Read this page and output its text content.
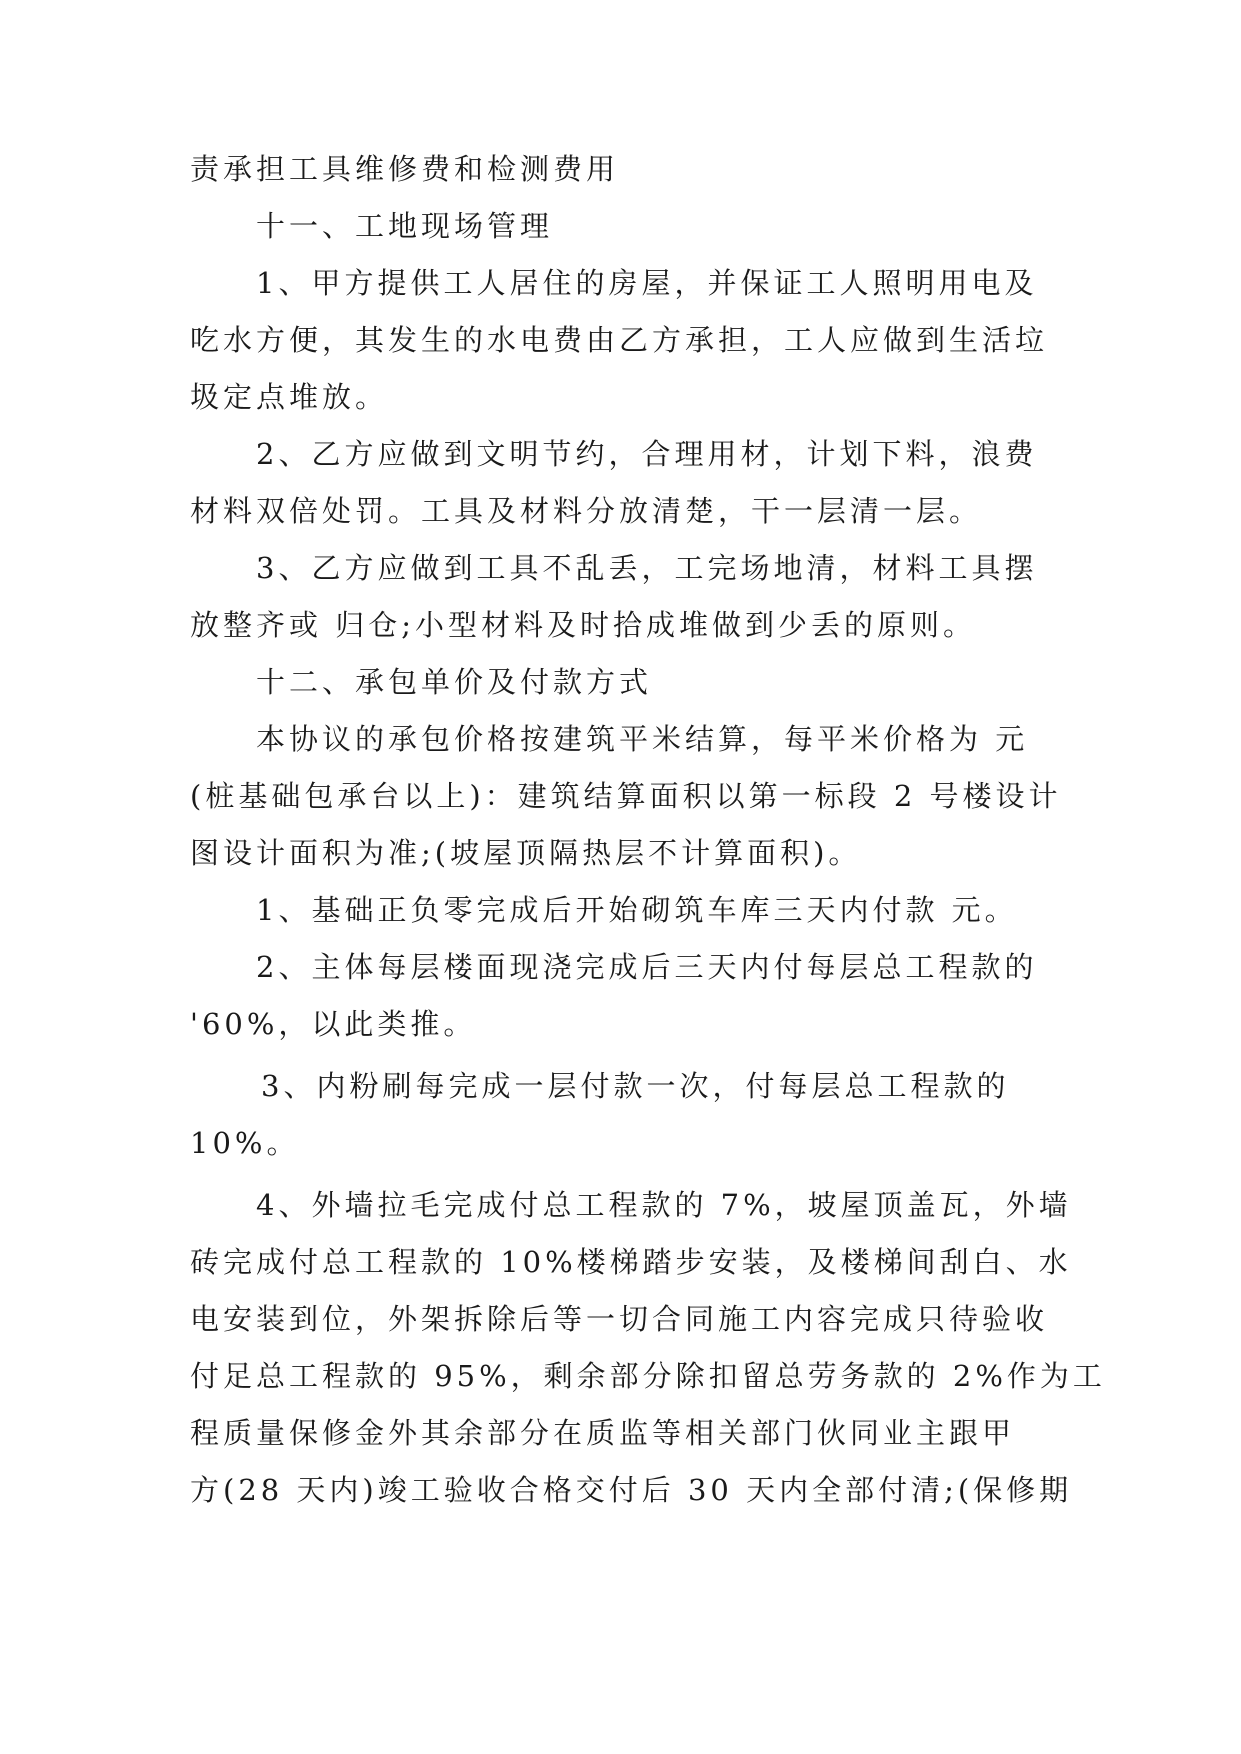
责承担工具维修费和检测费用

十一、工地现场管理

1、甲方提供工人居住的房屋，并保证工人照明用电及

吃水方便，其发生的水电费由乙方承担，工人应做到生活垃

圾定点堆放。

2、乙方应做到文明节约，合理用材，计划下料，浪费

材料双倍处罚。工具及材料分放清楚，干一层清一层。

3、乙方应做到工具不乱丢，工完场地清，材料工具摆

放整齐或 归仓;小型材料及时拾成堆做到少丢的原则。

十二、承包单价及付款方式

本协议的承包价格按建筑平米结算，每平米价格为 元

(桩基础包承台以上)：建筑结算面积以第一标段 2 号楼设计

图设计面积为准;(坡屋顶隔热层不计算面积)。

1、基础正负零完成后开始砌筑车库三天内付款 元。

2、主体每层楼面现浇完成后三天内付每层总工程款的

'60%，以此类推。

3、内粉刷每完成一层付款一次，付每层总工程款的

10%。

4、外墙拉毛完成付总工程款的 7%，坡屋顶盖瓦，外墙

砖完成付总工程款的 10%楼梯踏步安装，及楼梯间刮白、水

电安装到位，外架拆除后等一切合同施工内容完成只待验收

付足总工程款的 95%，剩余部分除扣留总劳务款的 2%作为工

程质量保修金外其余部分在质监等相关部门伙同业主跟甲

方(28 天内)竣工验收合格交付后 30 天内全部付清;(保修期
